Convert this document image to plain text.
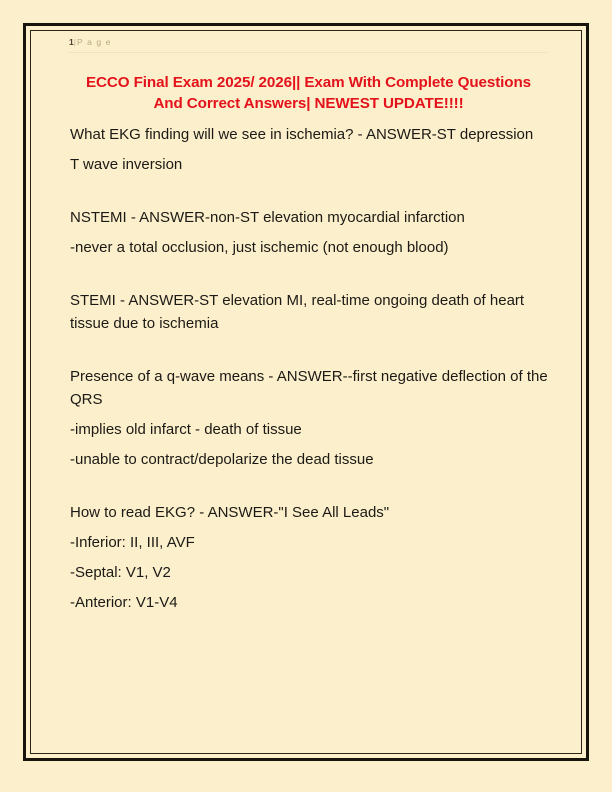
1|P a g e
ECCO Final Exam 2025/ 2026|| Exam With Complete Questions And Correct Answers| NEWEST UPDATE!!!!

What EKG finding will we see in ischemia? - ANSWER-ST depression

T wave inversion

NSTEMI - ANSWER-non-ST elevation myocardial infarction

-never a total occlusion, just ischemic (not enough blood)

STEMI - ANSWER-ST elevation MI, real-time ongoing death of heart tissue due to ischemia

Presence of a q-wave means - ANSWER--first negative deflection of the QRS

-implies old infarct - death of tissue

-unable to contract/depolarize the dead tissue

How to read EKG? - ANSWER-"I See All Leads"

-Inferior: II, III, AVF

-Septal: V1, V2

-Anterior: V1-V4
